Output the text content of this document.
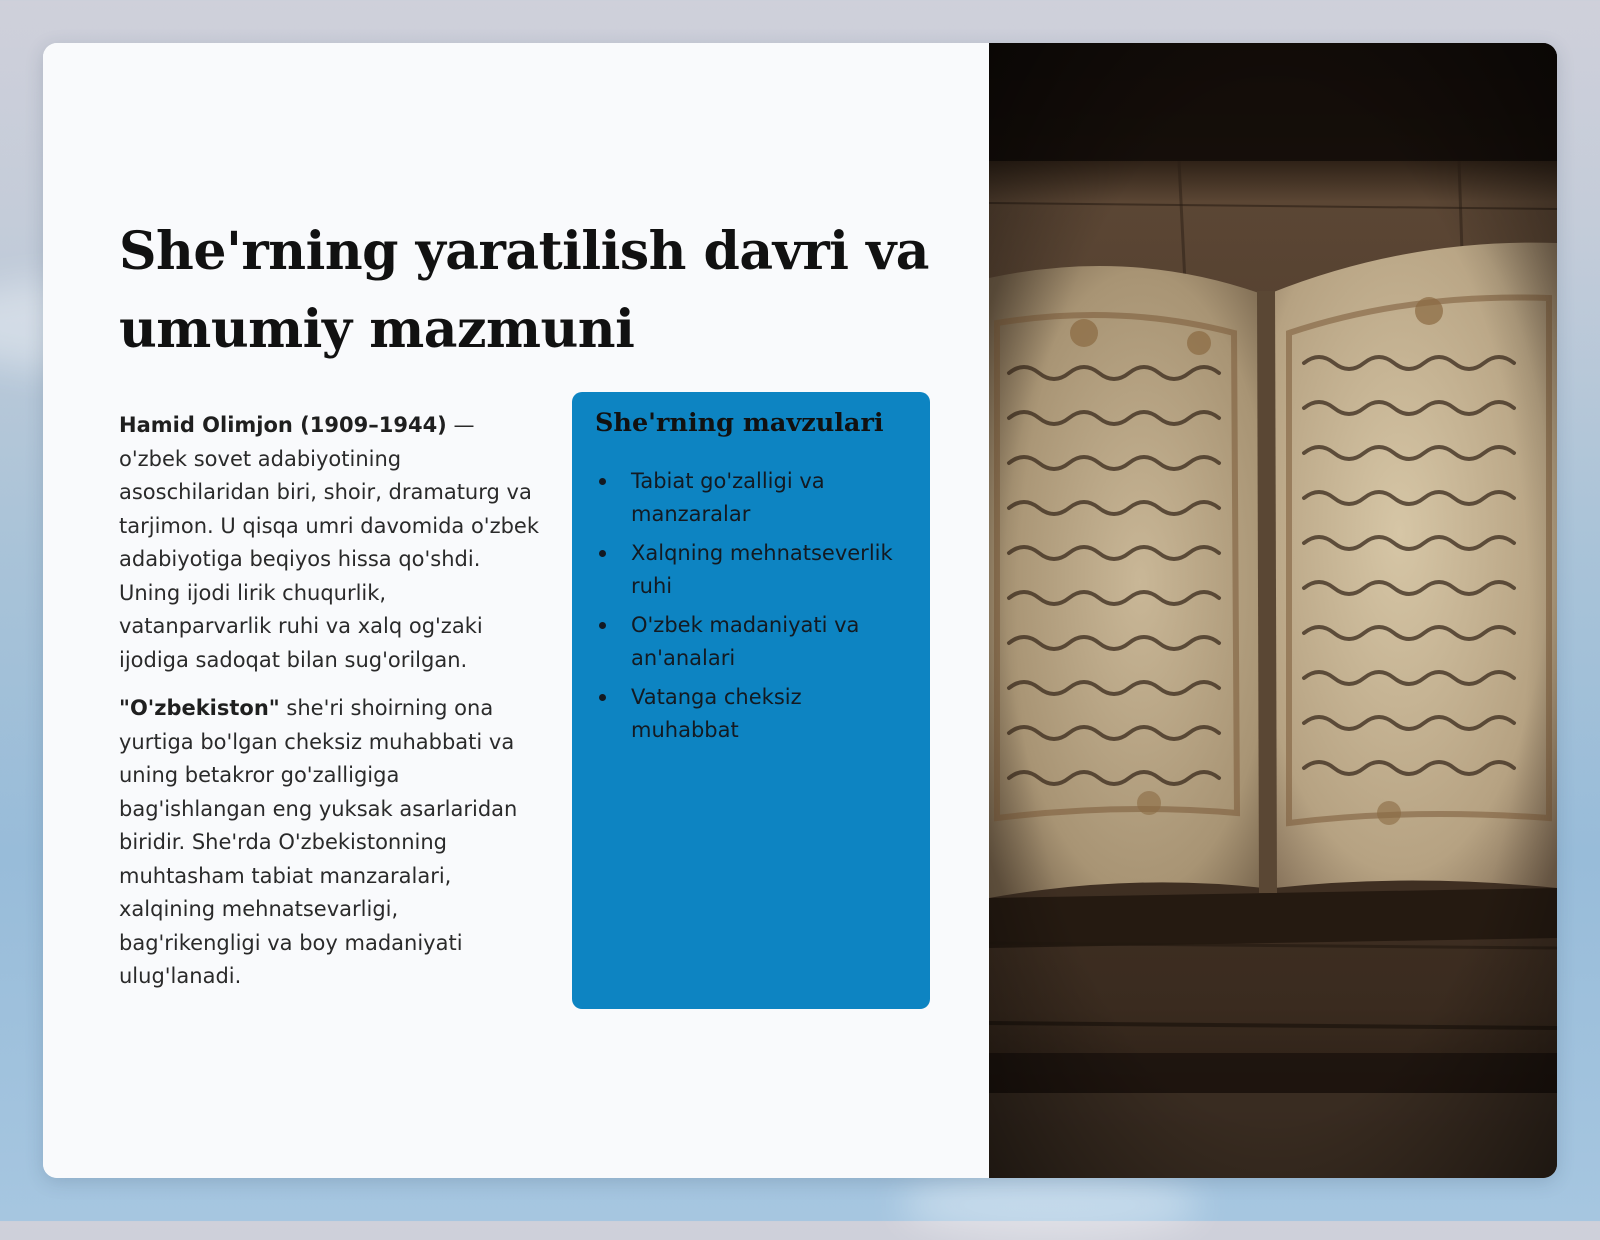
She'rning yaratilish davri va umumiy mazmuni

Hamid Olimjon (1909–1944) — o'zbek sovet adabiyotining asoschilaridan biri, shoir, dramaturg va tarjimon. U qisqa umri davomida o'zbek adabiyotiga beqiyos hissa qo'shdi. Uning ijodi lirik chuqurlik, vatanparvarlik ruhi va xalq og'zaki ijodiga sadoqat bilan sug'orilgan.

"O'zbekiston" she'ri shoirning ona yurtiga bo'lgan cheksiz muhabbati va uning betakror go'zalligiga bag'ishlangan eng yuksak asarlaridan biridir. She'rda O'zbekistonning muhtasham tabiat manzaralari, xalqining mehnatsevarligi, bag'rikengligi va boy madaniyati ulug'lanadi.

She'rning mavzulari
Tabiat go'zalligi va manzaralar
Xalqning mehnatseverlik ruhi
O'zbek madaniyati va an'analari
Vatanga cheksiz muhabbat
